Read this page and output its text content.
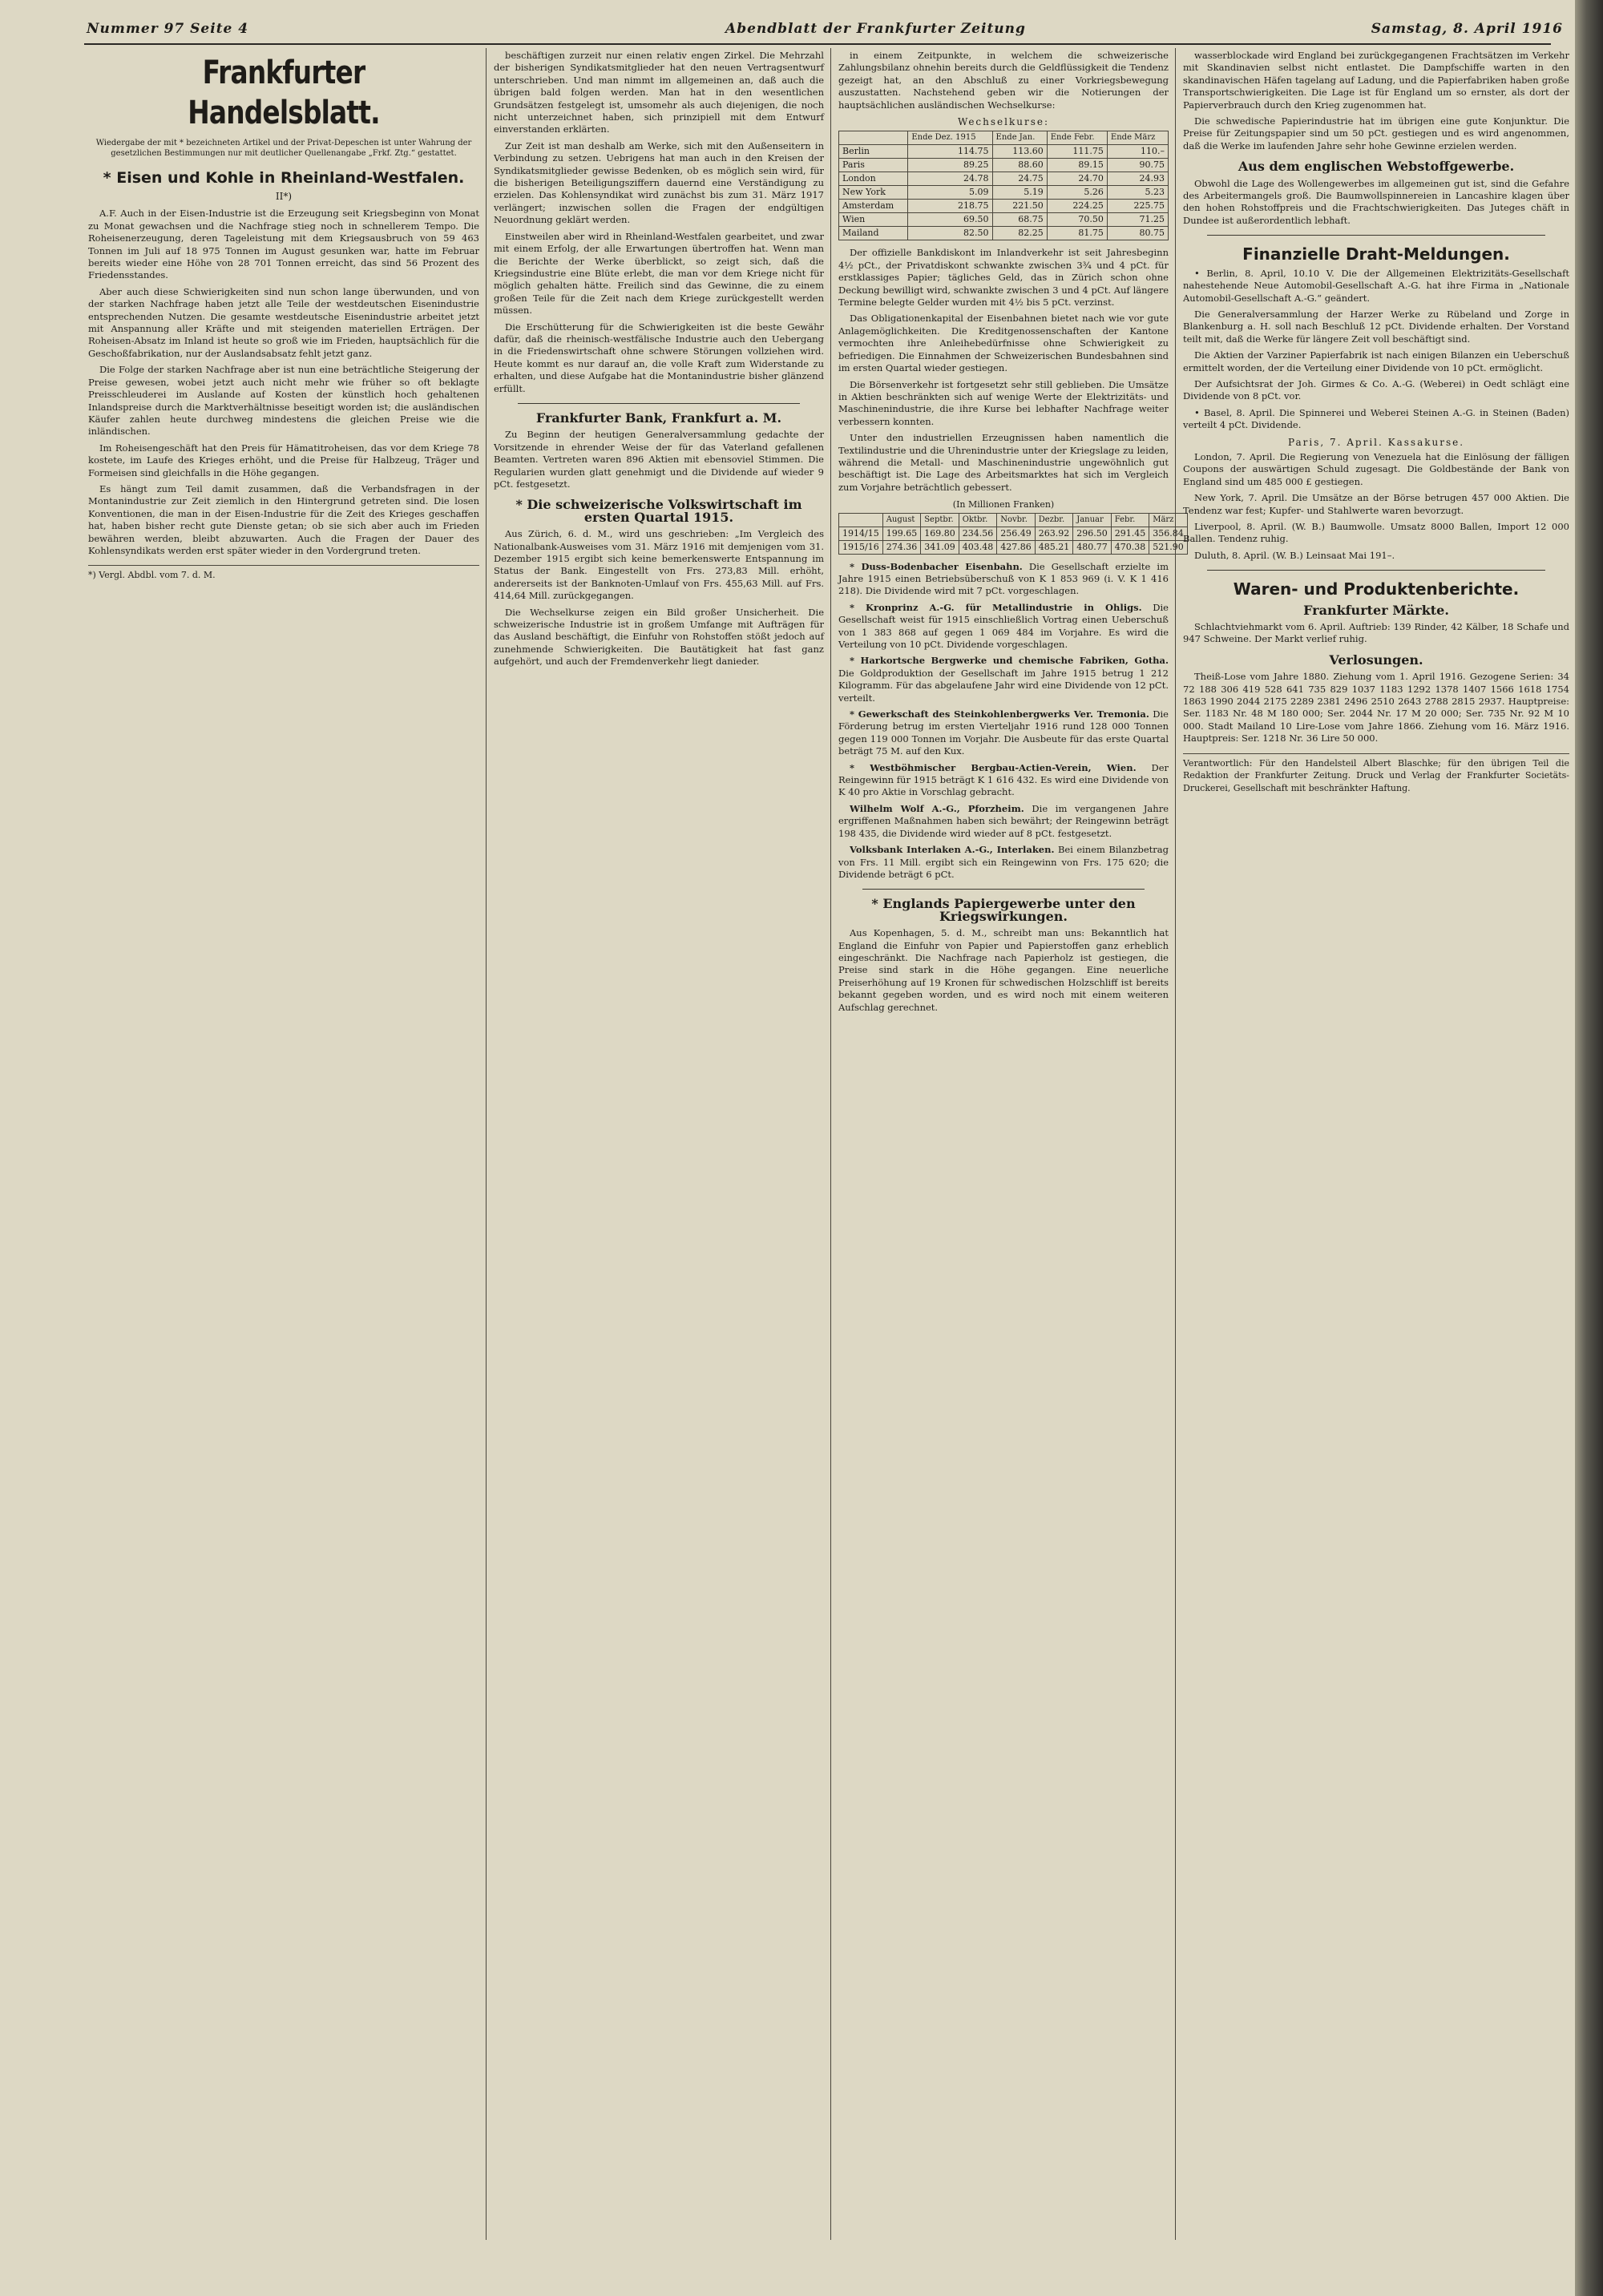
Nummer 97 Seite 4	Abendblatt der Frankfurter Zeitung	Samstag, 8. April 1916
Frankfurter Handelsblatt.
Wiedergabe der mit * bezeichneten Artikel und der Privat-Depeschen ist unter Wahrung der gesetzlichen Bestimmungen nur mit deutlicher Quellenangabe „Frkf. Ztg.“ gestattet.
* Eisen und Kohle in Rheinland-Westfalen.
II*)

A.F. Auch in der Eisen-Industrie ist die Erzeugung seit Kriegsbeginn von Monat zu Monat gewachsen und die Nachfrage stieg noch in schnellerem Tempo. Die Roheisenerzeugung, deren Tageleistung mit dem Kriegsausbruch von 59 463 Tonnen im Juli auf 18 975 Tonnen im August gesunken war, hatte im Februar bereits wieder eine Höhe von 28 701 Tonnen erreicht, das sind 56 Prozent des Friedensstandes.

Aber auch diese Schwierigkeiten sind nun schon lange überwunden, und von der starken Nachfrage haben jetzt alle Teile der westdeutschen Eisenindustrie entsprechenden Nutzen. Die gesamte westdeutsche Eisenindustrie arbeitet jetzt mit Anspannung aller Kräfte und mit steigenden materiellen Erträgen. Der Roheisen-Absatz im Inland ist heute so groß wie im Frieden, hauptsächlich für die Geschoßfabrikation, nur der Auslandsabsatz fehlt jetzt ganz.

Die Folge der starken Nachfrage aber ist nun eine beträchtliche Steigerung der Preise gewesen, wobei jetzt auch nicht mehr wie früher so oft beklagte Preisschleuderei im Auslande auf Kosten der künstlich hoch gehaltenen Inlandspreise durch die Marktverhältnisse beseitigt worden ist; die ausländischen Käufer zahlen heute durchweg mindestens die gleichen Preise wie die inländischen.

Im Roheisengeschäft hat den Preis für Hämatitroheisen, das vor dem Kriege 78 kostete, im Laufe des Krieges erhöht, und die Preise für Halbzeug, Träger und Formeisen sind gleichfalls in die Höhe gegangen.

Es hängt zum Teil damit zusammen, daß die Verbandsfragen in der Montanindustrie zur Zeit ziemlich in den Hintergrund getreten sind. Die losen Konventionen, die man in der Eisen-Industrie für die Zeit des Krieges geschaffen hat, haben bisher recht gute Dienste getan; ob sie sich aber auch im Frieden bewähren werden, bleibt abzuwarten. Auch die Fragen der Dauer des Kohlensyndikats werden erst später wieder in den Vordergrund treten.

*) Vergl. Abdbl. vom 7. d. M.

beschäftigen zurzeit nur einen relativ engen Zirkel. Die Mehrzahl der bisherigen Syndikatsmitglieder hat den neuen Vertragsentwurf unterschrieben. Und man nimmt im allgemeinen an, daß auch die übrigen bald folgen werden. Man hat in den wesentlichen Grundsätzen festgelegt ist, umsomehr als auch diejenigen, die noch nicht unterzeichnet haben, sich prinzipiell mit dem Entwurf einverstanden erklärten.

Zur Zeit ist man deshalb am Werke, sich mit den Außenseitern in Verbindung zu setzen. Uebrigens hat man auch in den Kreisen der Syndikatsmitglieder gewisse Bedenken, ob es möglich sein wird, für die bisherigen Beteiligungsziffern dauernd eine Verständigung zu erzielen. Das Kohlensyndikat wird zunächst bis zum 31. März 1917 verlängert; inzwischen sollen die Fragen der endgültigen Neuordnung geklärt werden.

Einstweilen aber wird in Rheinland-Westfalen gearbeitet, und zwar mit einem Erfolg, der alle Erwartungen übertroffen hat. Wenn man die Berichte der Werke überblickt, so zeigt sich, daß die Kriegsindustrie eine Blüte erlebt, die man vor dem Kriege nicht für möglich gehalten hätte. Freilich sind das Gewinne, die zu einem großen Teile für die Zeit nach dem Kriege zurückgestellt werden müssen.

Die Erschütterung für die Schwierigkeiten ist die beste Gewähr dafür, daß die rheinisch-westfälische Industrie auch den Uebergang in die Friedenswirtschaft ohne schwere Störungen vollziehen wird. Heute kommt es nur darauf an, die volle Kraft zum Widerstande zu erhalten, und diese Aufgabe hat die Montanindustrie bisher glänzend erfüllt.

Frankfurter Bank, Frankfurt a. M.

Zu Beginn der heutigen Generalversammlung gedachte der Vorsitzende in ehrender Weise der für das Vaterland gefallenen Beamten. Vertreten waren 896 Aktien mit ebensoviel Stimmen. Die Regularien wurden glatt genehmigt und die Dividende auf wieder 9 pCt. festgesetzt.

* Die schweizerische Volkswirtschaft im ersten Quartal 1915.

Aus Zürich, 6. d. M., wird uns geschrieben: „Im Vergleich des Nationalbank-Ausweises vom 31. März 1916 mit demjenigen vom 31. Dezember 1915 ergibt sich keine bemerkenswerte Entspannung im Status der Bank. Eingestellt von Frs. 273,83 Mill. erhöht, andererseits ist der Banknoten-Umlauf von Frs. 455,63 Mill. auf Frs. 414,64 Mill. zurückgegangen.

Die Wechselkurse zeigen ein Bild großer Unsicherheit. Die schweizerische Industrie ist in großem Umfange mit Aufträgen für das Ausland beschäftigt, die Einfuhr von Rohstoffen stößt jedoch auf zunehmende Schwierigkeiten. Die Bautätigkeit hat fast ganz aufgehört, und auch der Fremdenverkehr liegt danieder.

in einem Zeitpunkte, in welchem die schweizerische Zahlungsbilanz ohnehin bereits durch die Geldflüssigkeit die Tendenz gezeigt hat, an den Abschluß zu einer Vorkriegsbewegung auszustatten. Nachstehend geben wir die Notierungen der hauptsächlichen ausländischen Wechselkurse:

Wechselkurse:
	Ende Dez. 1915	Ende Jan.	Ende Febr.	Ende März
Berlin	114.75	113.60	111.75	110.–
Paris	89.25	88.60	89.15	90.75
London	24.78	24.75	24.70	24.93
New York	5.09	5.19	5.26	5.23
Amsterdam	218.75	221.50	224.25	225.75
Wien	69.50	68.75	70.50	71.25
Mailand	82.50	82.25	81.75	80.75

Der offizielle Bankdiskont im Inlandverkehr ist seit Jahresbeginn 4½ pCt., der Privatdiskont schwankte zwischen 3¾ und 4 pCt. für erstklassiges Papier; tägliches Geld, das in Zürich schon ohne Deckung bewilligt wird, schwankte zwischen 3 und 4 pCt. Auf längere Termine belegte Gelder wurden mit 4½ bis 5 pCt. verzinst.

Das Obligationenkapital der Eisenbahnen bietet nach wie vor gute Anlagemöglichkeiten. Die Kreditgenossenschaften der Kantone vermochten ihre Anleihebedürfnisse ohne Schwierigkeit zu befriedigen. Die Einnahmen der Schweizerischen Bundesbahnen sind im ersten Quartal wieder gestiegen.

Die Börsenverkehr ist fortgesetzt sehr still geblieben. Die Umsätze in Aktien beschränkten sich auf wenige Werte der Elektrizitäts- und Maschinenindustrie, die ihre Kurse bei lebhafter Nachfrage weiter verbessern konnten.

Unter den industriellen Erzeugnissen haben namentlich die Textilindustrie und die Uhrenindustrie unter der Kriegslage zu leiden, während die Metall- und Maschinenindustrie ungewöhnlich gut beschäftigt ist. Die Lage des Arbeitsmarktes hat sich im Vergleich zum Vorjahre beträchtlich gebessert.

(In Millionen Franken)
	August	Septbr.	Oktbr.	Novbr.	Dezbr.	Januar	Febr.	März
1914/15	199.65	169.80	234.56	256.49	263.92	296.50	291.45	356.84
1915/16	274.36	341.09	403.48	427.86	485.21	480.77	470.38	521.90

* Duss-Bodenbacher Eisenbahn. Die Gesellschaft erzielte im Jahre 1915 einen Betriebsüberschuß von K 1 853 969 (i. V. K 1 416 218). Die Dividende wird mit 7 pCt. vorgeschlagen.

* Kronprinz A.-G. für Metallindustrie in Ohligs. Die Gesellschaft weist für 1915 einschließlich Vortrag einen Ueberschuß von 1 383 868 auf gegen 1 069 484 im Vorjahre. Es wird die Verteilung von 10 pCt. Dividende vorgeschlagen.

* Harkortsche Bergwerke und chemische Fabriken, Gotha. Die Goldproduktion der Gesellschaft im Jahre 1915 betrug 1 212 Kilogramm. Für das abgelaufene Jahr wird eine Dividende von 12 pCt. verteilt.

* Gewerkschaft des Steinkohlenbergwerks Ver. Tremonia. Die Förderung betrug im ersten Vierteljahr 1916 rund 128 000 Tonnen gegen 119 000 Tonnen im Vorjahr. Die Ausbeute für das erste Quartal beträgt 75 M. auf den Kux.

* Westböhmischer Bergbau-Actien-Verein, Wien. Der Reingewinn für 1915 beträgt K 1 616 432. Es wird eine Dividende von K 40 pro Aktie in Vorschlag gebracht.

Wilhelm Wolf A.-G., Pforzheim. Die im vergangenen Jahre ergriffenen Maßnahmen haben sich bewährt; der Reingewinn beträgt 198 435, die Dividende wird wieder auf 8 pCt. festgesetzt.

Volksbank Interlaken A.-G., Interlaken. Bei einem Bilanzbetrag von Frs. 11 Mill. ergibt sich ein Reingewinn von Frs. 175 620; die Dividende beträgt 6 pCt.

* Englands Papiergewerbe unter den Kriegswirkungen.

Aus Kopenhagen, 5. d. M., schreibt man uns: Bekanntlich hat England die Einfuhr von Papier und Papierstoffen ganz erheblich eingeschränkt. Die Nachfrage nach Papierholz ist gestiegen, die Preise sind stark in die Höhe gegangen. Eine neuerliche Preiserhöhung auf 19 Kronen für schwedischen Holzschliff ist bereits bekannt gegeben worden, und es wird noch mit einem weiteren Aufschlag gerechnet.

wasserblockade wird England bei zurückgegangenen Frachtsätzen im Verkehr mit Skandinavien selbst nicht entlastet. Die Dampfschiffe warten in den skandinavischen Häfen tagelang auf Ladung, und die Papierfabriken haben große Transportschwierigkeiten. Die Lage ist für England um so ernster, als dort der Papierverbrauch durch den Krieg zugenommen hat.

Die schwedische Papierindustrie hat im übrigen eine gute Konjunktur. Die Preise für Zeitungspapier sind um 50 pCt. gestiegen und es wird angenommen, daß die Werke im laufenden Jahre sehr hohe Gewinne erzielen werden.

Aus dem englischen Webstoffgewerbe.

Obwohl die Lage des Wollengewerbes im allgemeinen gut ist, sind die Gefahre des Arbeitermangels groß. Die Baumwollspinnereien in Lancashire klagen über den hohen Rohstoffpreis und die Frachtschwierigkeiten. Das Juteges chäft in Dundee ist außerordentlich lebhaft.

Finanzielle Draht-Meldungen.

• Berlin, 8. April, 10.10 V. Die der Allgemeinen Elektrizitäts-Gesellschaft nahestehende Neue Automobil-Gesellschaft A.-G. hat ihre Firma in „Nationale Automobil-Gesellschaft A.-G.“ geändert.

Die Generalversammlung der Harzer Werke zu Rübeland und Zorge in Blankenburg a. H. soll nach Beschluß 12 pCt. Dividende erhalten. Der Vorstand teilt mit, daß die Werke für längere Zeit voll beschäftigt sind.

Die Aktien der Varziner Papierfabrik ist nach einigen Bilanzen ein Ueberschuß ermittelt worden, der die Verteilung einer Dividende von 10 pCt. ermöglicht.

Der Aufsichtsrat der Joh. Girmes & Co. A.-G. (Weberei) in Oedt schlägt eine Dividende von 8 pCt. vor.

• Basel, 8. April. Die Spinnerei und Weberei Steinen A.-G. in Steinen (Baden) verteilt 4 pCt. Dividende.

Paris, 7. April. Kassakurse.

London, 7. April. Die Regierung von Venezuela hat die Einlösung der fälligen Coupons der auswärtigen Schuld zugesagt. Die Goldbestände der Bank von England sind um 485 000 £ gestiegen.

New York, 7. April. Die Umsätze an der Börse betrugen 457 000 Aktien. Die Tendenz war fest; Kupfer- und Stahlwerte waren bevorzugt.

Liverpool, 8. April. (W. B.) Baumwolle. Umsatz 8000 Ballen, Import 12 000 Ballen. Tendenz ruhig.

Duluth, 8. April. (W. B.) Leinsaat Mai 191–.

Waren- und Produktenberichte.
Frankfurter Märkte.

Schlachtviehmarkt vom 6. April. Auftrieb: 139 Rinder, 42 Kälber, 18 Schafe und 947 Schweine. Der Markt verlief ruhig.

Verlosungen.

Theiß-Lose vom Jahre 1880. Ziehung vom 1. April 1916. Gezogene Serien: 34 72 188 306 419 528 641 735 829 1037 1183 1292 1378 1407 1566 1618 1754 1863 1990 2044 2175 2289 2381 2496 2510 2643 2788 2815 2937. Hauptpreise: Ser. 1183 Nr. 48 M 180 000; Ser. 2044 Nr. 17 M 20 000; Ser. 735 Nr. 92 M 10 000. Stadt Mailand 10 Lire-Lose vom Jahre 1866. Ziehung vom 16. März 1916. Hauptpreis: Ser. 1218 Nr. 36 Lire 50 000.

Verantwortlich: Für den Handelsteil Albert Blaschke; für den übrigen Teil die Redaktion der Frankfurter Zeitung. Druck und Verlag der Frankfurter Societäts-Druckerei, Gesellschaft mit beschränkter Haftung.
